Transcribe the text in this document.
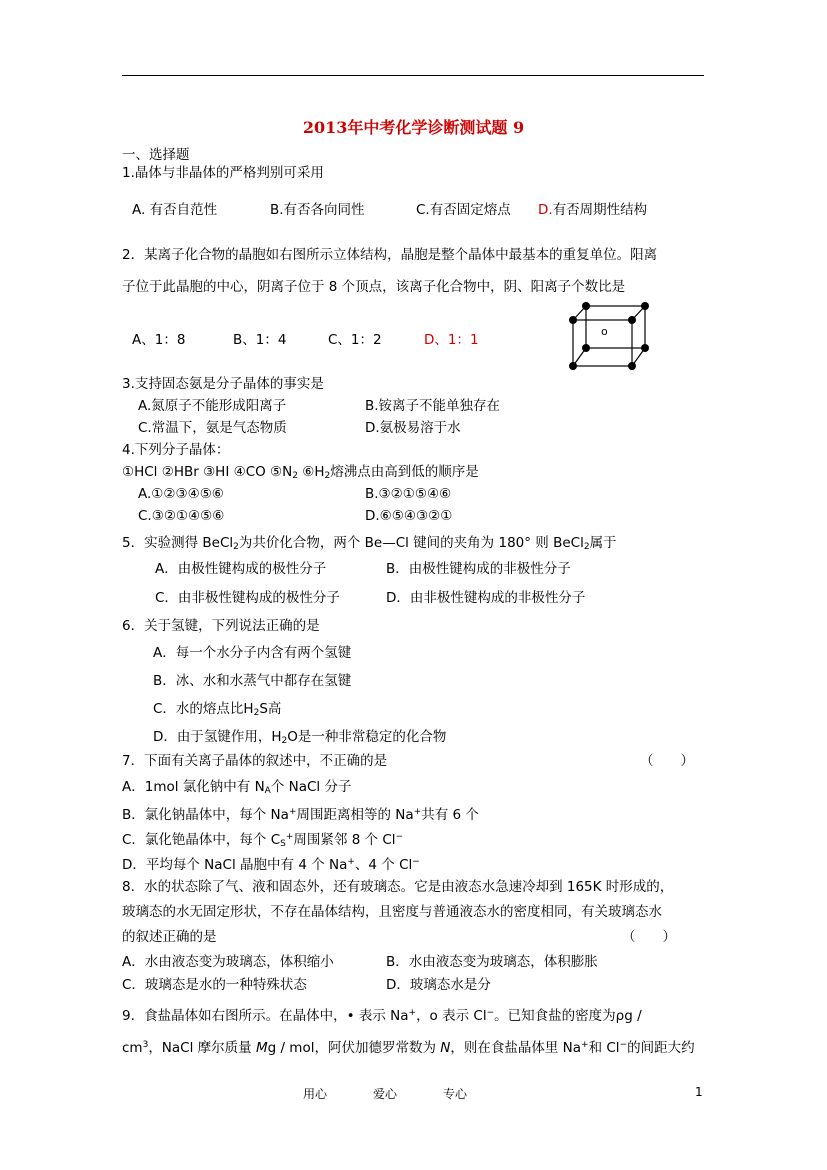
2013年中考化学诊断测试题 9
一、选择题
1.晶体与非晶体的严格判别可采用
A. 有否自范性	B.有否各向同性	C.有否固定熔点 D.有否周期性结构
2．某离子化合物的晶胞如右图所示立体结构，晶胞是整个晶体中最基本的重复单位。阳离
子位于此晶胞的中心，阴离子位于 8 个顶点，该离子化合物中，阴、阳离子个数比是
A、1：8	B、1：4	C、1：2	D、1：1
o
3.支持固态氨是分子晶体的事实是
A.氮原子不能形成阳离子	B.铵离子不能单独存在
C.常温下，氨是气态物质	D.氨极易溶于水
4.下列分子晶体：
①HCl ②HBr ③HI ④CO $⑤N_2$ $⑥H_2$熔沸点由高到低的顺序是
A.①②③④⑤⑥	B.③②①⑤④⑥
C.③②①④⑤⑥	D.⑥⑤④③②①
5．实验测得 BeCl$_2$为共价化合物，两个 Be—Cl 键间的夹角为 180° 则 BeCl$_2$属于
A．由极性键构成的极性分子	B．由极性键构成的非极性分子
C．由非极性键构成的极性分子	D．由非极性键构成的非极性分子
6．关于氢键，下列说法正确的是
A．每一个水分子内含有两个氢键
B．冰、水和水蒸气中都存在氢键
C．水的熔点比$H_2S$高
D．由于氢键作用，$H_2O$是一种非常稳定的化合物
7．下面有关离子晶体的叙述中，不正确的是	（　　）
A．1mol 氯化钠中有 $N_A$个 NaCl 分子
B．氯化钠晶体中，每个 Na+周围距离相等的 Na+共有 6 个
C．氯化铯晶体中，每个 $C_S^+$周围紧邻 8 个 Cl−
D．平均每个 NaCl 晶胞中有 4 个 Na+、4 个 Cl−
8．水的状态除了气、液和固态外，还有玻璃态。它是由液态水急速冷却到 165K 时形成的，
玻璃态的水无固定形状，不存在晶体结构，且密度与普通液态水的密度相同，有关玻璃态水
的叙述正确的是	（　　）
A．水由液态变为玻璃态，体积缩小	B．水由液态变为玻璃态，体积膨胀
C．玻璃态是水的一种特殊状态	D．玻璃态水是分
9．食盐晶体如右图所示。在晶体中，• 表示 Na+，o 表示 Cl−。已知食盐的密度为ρg /
$cm^3$，NaCl 摩尔质量 Mg / mol，阿伏加德罗常数为 N，则在食盐晶体里 Na+和 Cl−的间距大约
用心	爱心	专心	1
